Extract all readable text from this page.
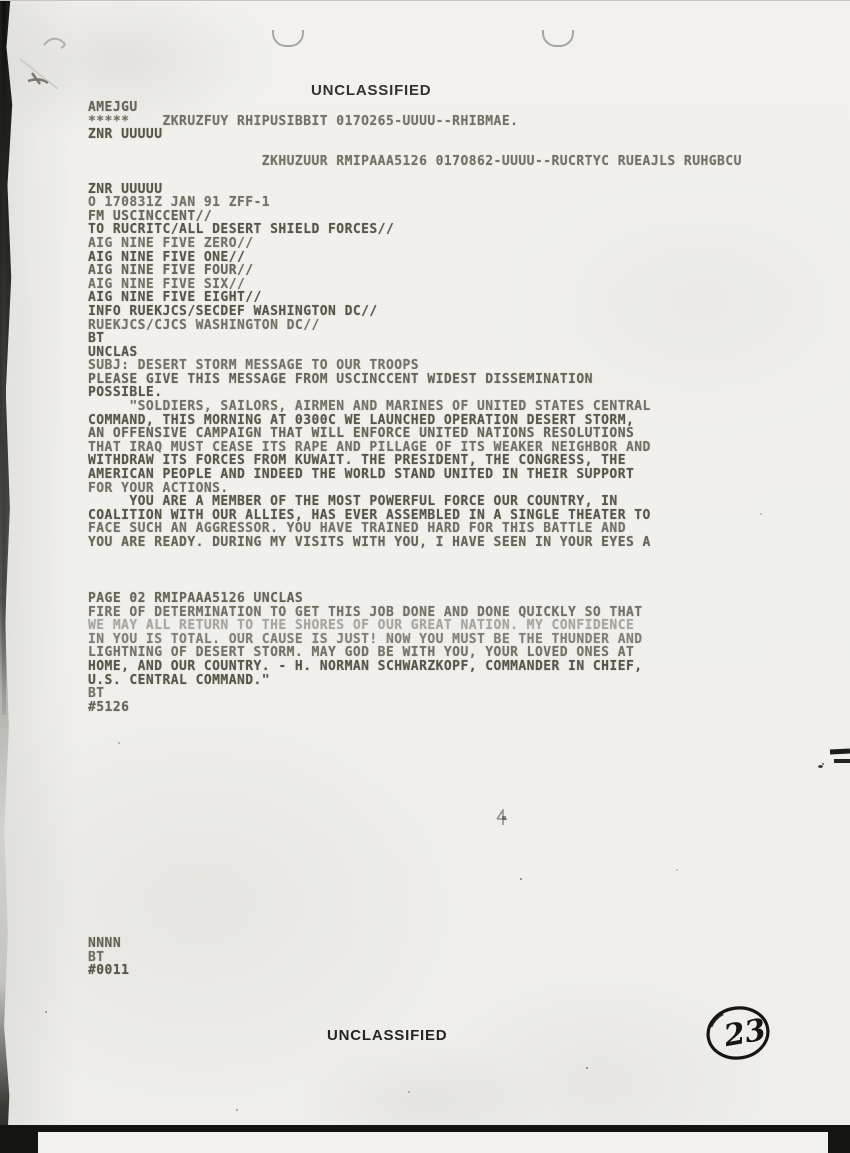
UNCLASSIFIED
AMEJGU
*****    ZKRUZFUY RHIPUSIBBIT 017O265-UUUU--RHIBMAE.
ZNR UUUUU

ZKHUZUUR RMIPAAA5126 017O862-UUUU--RUCRTYC RUEAJLS RUHGBCU

ZNR UUUUU
O 170831Z JAN 91 ZFF-1
FM USCINCCENT//
TO RUCRITC/ALL DESERT SHIELD FORCES//
AIG NINE FIVE ZERO//
AIG NINE FIVE ONE//
AIG NINE FIVE FOUR//
AIG NINE FIVE SIX//
AIG NINE FIVE EIGHT//
INFO RUEKJCS/SECDEF WASHINGTON DC//
RUEKJCS/CJCS WASHINGTON DC//
BT
UNCLAS
SUBJ: DESERT STORM MESSAGE TO OUR TROOPS
PLEASE GIVE THIS MESSAGE FROM USCINCCENT WIDEST DISSEMINATION
POSSIBLE.
"SOLDIERS, SAILORS, AIRMEN AND MARINES OF UNITED STATES CENTRAL
COMMAND, THIS MORNING AT 0300C WE LAUNCHED OPERATION DESERT STORM,
AN OFFENSIVE CAMPAIGN THAT WILL ENFORCE UNITED NATIONS RESOLUTIONS
THAT IRAQ MUST CEASE ITS RAPE AND PILLAGE OF ITS WEAKER NEIGHBOR AND
WITHDRAW ITS FORCES FROM KUWAIT. THE PRESIDENT, THE CONGRESS, THE
AMERICAN PEOPLE AND INDEED THE WORLD STAND UNITED IN THEIR SUPPORT
FOR YOUR ACTIONS.
YOU ARE A MEMBER OF THE MOST POWERFUL FORCE OUR COUNTRY, IN
COALITION WITH OUR ALLIES, HAS EVER ASSEMBLED IN A SINGLE THEATER TO
FACE SUCH AN AGGRESSOR. YOU HAVE TRAINED HARD FOR THIS BATTLE AND
YOU ARE READY. DURING MY VISITS WITH YOU, I HAVE SEEN IN YOUR EYES A
PAGE 02 RMIPAAA5126 UNCLAS
FIRE OF DETERMINATION TO GET THIS JOB DONE AND DONE QUICKLY SO THAT
WE MAY ALL RETURN TO THE SHORES OF OUR GREAT NATION. MY CONFIDENCE
IN YOU IS TOTAL. OUR CAUSE IS JUST! NOW YOU MUST BE THE THUNDER AND
LIGHTNING OF DESERT STORM. MAY GOD BE WITH YOU, YOUR LOVED ONES AT
HOME, AND OUR COUNTRY. - H. NORMAN SCHWARZKOPF, COMMANDER IN CHIEF,
U.S. CENTRAL COMMAND."
BT
#5126
NNNN
BT
#0011
UNCLASSIFIED	23
